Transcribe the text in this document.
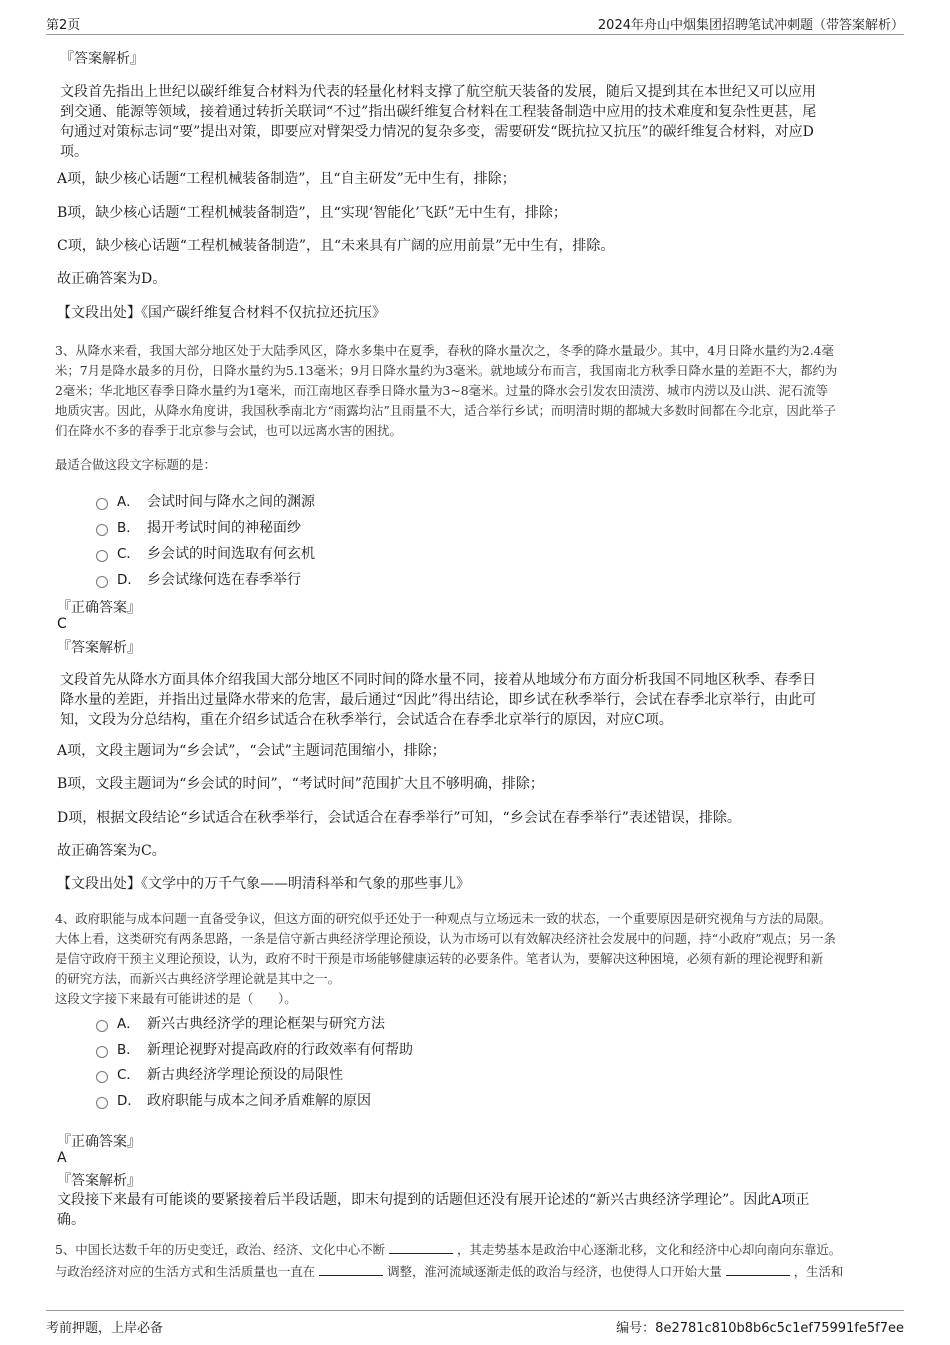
第2页	2024年舟山中烟集团招聘笔试冲刺题（带答案解析）
『答案解析』
文段首先指出上世纪以碳纤维复合材料为代表的轻量化材料支撑了航空航天装备的发展，随后又提到其在本世纪又可以应用
到交通、能源等领域，接着通过转折关联词“不过”指出碳纤维复合材料在工程装备制造中应用的技术难度和复杂性更甚，尾
句通过对策标志词“要”提出对策，即要应对臂架受力情况的复杂多变，需要研发“既抗拉又抗压”的碳纤维复合材料，对应D
项。
A项，缺少核心话题“工程机械装备制造”，且“自主研发”无中生有，排除；
B项，缺少核心话题“工程机械装备制造”，且“实现‘智能化’飞跃”无中生有，排除；
C项，缺少核心话题“工程机械装备制造”，且“未来具有广阔的应用前景”无中生有，排除。
故正确答案为D。
【文段出处】《国产碳纤维复合材料不仅抗拉还抗压》
3、从降水来看，我国大部分地区处于大陆季风区，降水多集中在夏季，春秋的降水量次之，冬季的降水量最少。其中，4月日降水量约为2.4毫
米；7月是降水最多的月份，日降水量约为5.13毫米；9月日降水量约为3毫米。就地域分布而言，我国南北方秋季日降水量的差距不大，都约为
2毫米；华北地区春季日降水量约为1毫米，而江南地区春季日降水量为3~8毫米。过量的降水会引发农田渍涝、城市内涝以及山洪、泥石流等
地质灾害。因此，从降水角度讲，我国秋季南北方“雨露均沾”且雨量不大，适合举行乡试；而明清时期的都城大多数时间都在今北京，因此举子
们在降水不多的春季于北京参与会试，也可以远离水害的困扰。
最适合做这段文字标题的是：
A． 会试时间与降水之间的渊源
B． 揭开考试时间的神秘面纱
C． 乡会试的时间选取有何玄机
D． 乡会试缘何选在春季举行
『正确答案』
C
『答案解析』
文段首先从降水方面具体介绍我国大部分地区不同时间的降水量不同，接着从地域分布方面分析我国不同地区秋季、春季日
降水量的差距，并指出过量降水带来的危害，最后通过“因此”得出结论，即乡试在秋季举行，会试在春季北京举行，由此可
知，文段为分总结构，重在介绍乡试适合在秋季举行，会试适合在春季北京举行的原因，对应C项。
A项，文段主题词为“乡会试”，“会试”主题词范围缩小，排除；
B项，文段主题词为“乡会试的时间”，“考试时间”范围扩大且不够明确，排除；
D项，根据文段结论“乡试适合在秋季举行，会试适合在春季举行”可知，“乡会试在春季举行”表述错误，排除。
故正确答案为C。
【文段出处】《文学中的万千气象——明清科举和气象的那些事儿》
4、政府职能与成本问题一直备受争议，但这方面的研究似乎还处于一种观点与立场远未一致的状态，一个重要原因是研究视角与方法的局限。
大体上看，这类研究有两条思路，一条是信守新古典经济学理论预设，认为市场可以有效解决经济社会发展中的问题，持“小政府”观点；另一条
是信守政府干预主义理论预设，认为，政府不时干预是市场能够健康运转的必要条件。笔者认为，要解决这种困境，必须有新的理论视野和新
的研究方法，而新兴古典经济学理论就是其中之一。
这段文字接下来最有可能讲述的是（　　）。
A． 新兴古典经济学的理论框架与研究方法
B． 新理论视野对提高政府的行政效率有何帮助
C． 新古典经济学理论预设的局限性
D． 政府职能与成本之间矛盾难解的原因
『正确答案』
A
『答案解析』
文段接下来最有可能谈的要紧接着后半段话题，即末句提到的话题但还没有展开论述的“新兴古典经济学理论”。因此A项正
确。
5、中国长达数千年的历史变迁，政治、经济、文化中心不断	，其走势基本是政治中心逐渐北移，文化和经济中心却向南向东靠近。
与政治经济对应的生活方式和生活质量也一直在	调整，淮河流域逐渐走低的政治与经济，也使得人口开始大量	，生活和
考前押题，上岸必备	编号：8e2781c810b8b6c5c1ef75991fe5f7ee
